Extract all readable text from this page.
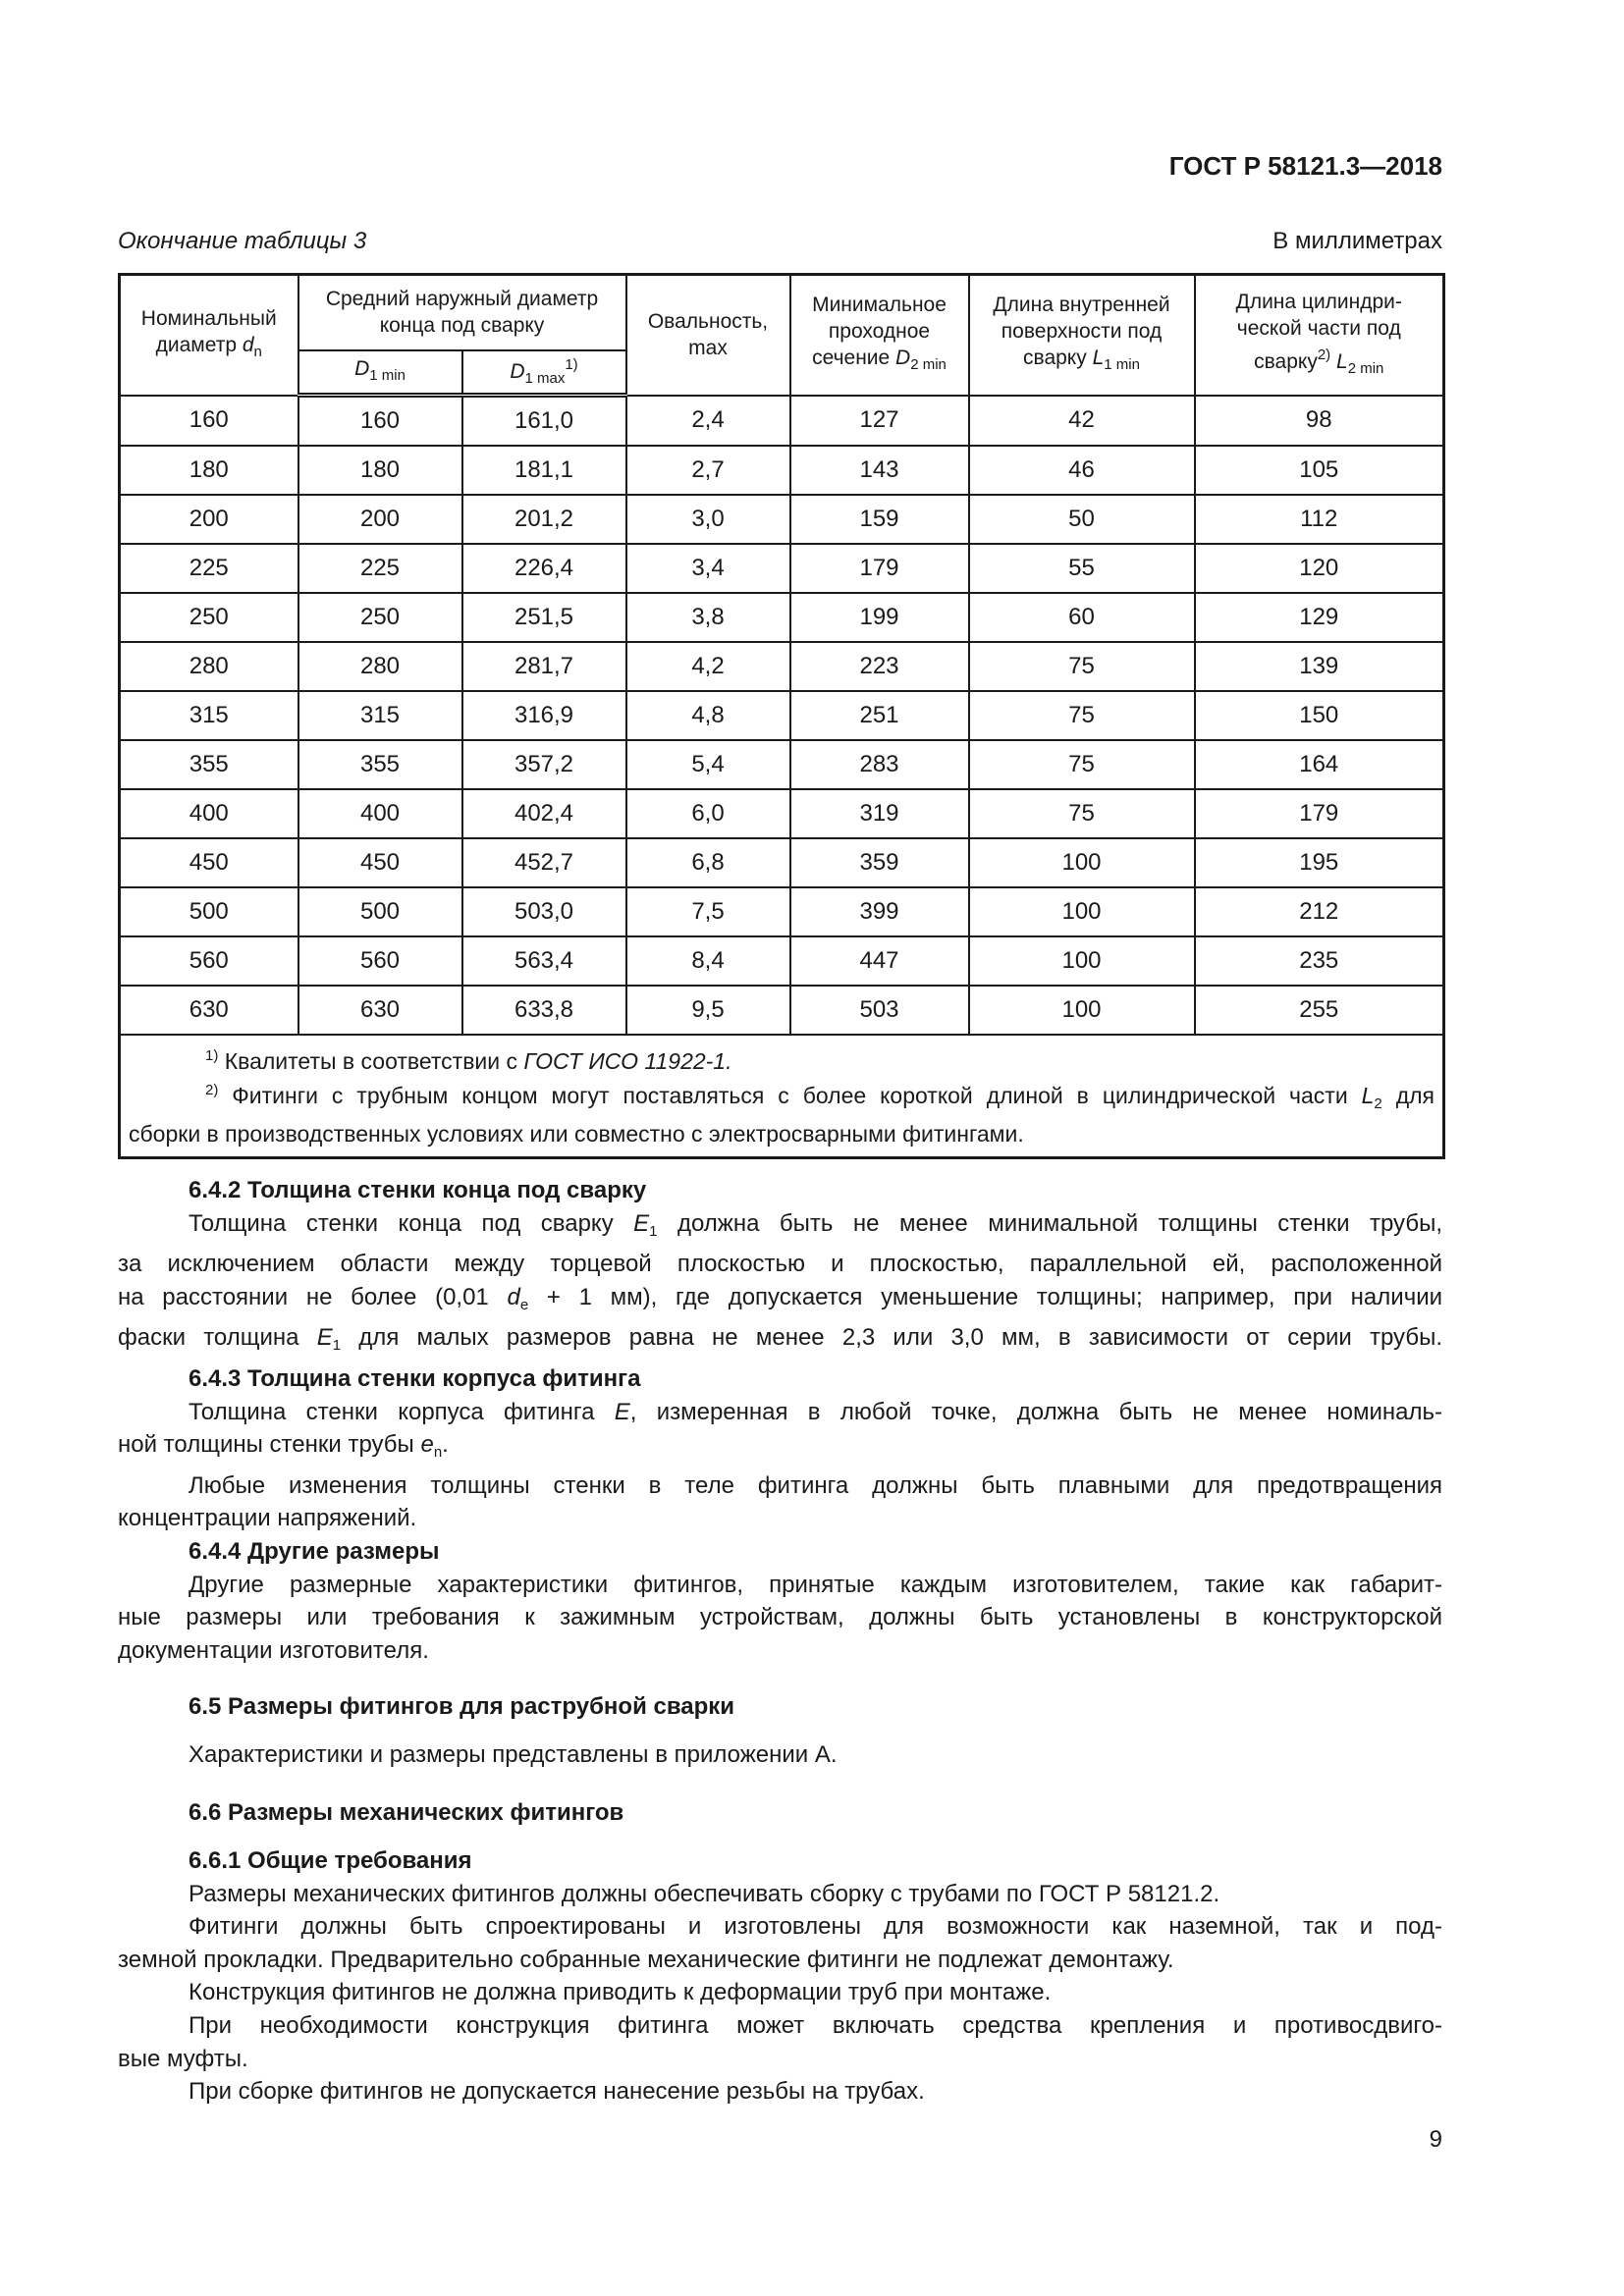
ГОСТ Р 58121.3—2018
Окончание таблицы 3	В миллиметрах
Номинальный диаметр $d_n$	Средний наружный диаметр конца под сварку		Овальность, max	Минимальное проходное сечение $D_{2 min}$	Длина внутренней поверхности под сварку $L_{1 min}$	Длина цилиндри-ческой части под сварку$^{2)}$ $L_{2 min}$
	$D_{1 min}$	$D_{1 max}^{1)}$
160	160	161,0	2,4	127	42	98
180	180	181,1	2,7	143	46	105
200	200	201,2	3,0	159	50	112
225	225	226,4	3,4	179	55	120
250	250	251,5	3,8	199	60	129
280	280	281,7	4,2	223	75	139
315	315	316,9	4,8	251	75	150
355	355	357,2	5,4	283	75	164
400	400	402,4	6,0	319	75	179
450	450	452,7	6,8	359	100	195
500	500	503,0	7,5	399	100	212
560	560	563,4	8,4	447	100	235
630	630	633,8	9,5	503	100	255

$^{1)}$ Квалитеты в соответствии с ГОСТ ИСО 11922-1.
$^{2)}$ Фитинги с трубным концом могут поставляться с более короткой длиной в цилиндрической части $L_2$ для
сборки в производственных условиях или совместно с электросварными фитингами.						
6.4.2 Толщина стенки конца под сварку
Толщина стенки конца под сварку $E_1$ должна быть не менее минимальной толщины стенки трубы,
за исключением области между торцевой плоскостью и плоскостью, параллельной ей, расположенной
на расстоянии не более (0,01 $d_e + 1$ мм), где допускается уменьшение толщины; например, при наличии
фаски толщина $E_1$ для малых размеров равна не менее 2,3 или 3,0 мм, в зависимости от серии трубы.
6.4.3 Толщина стенки корпуса фитинга
Толщина стенки корпуса фитинга E, измеренная в любой точке, должна быть не менее номиналь-
ной толщины стенки трубы $e_n$.
Любые изменения толщины стенки в теле фитинга должны быть плавными для предотвращения
концентрации напряжений.
6.4.4 Другие размеры
Другие размерные характеристики фитингов, принятые каждым изготовителем, такие как габарит-
ные размеры или требования к зажимным устройствам, должны быть установлены в конструкторской
документации изготовителя.
6.5 Размеры фитингов для раструбной сварки
Характеристики и размеры представлены в приложении А.
6.6 Размеры механических фитингов
6.6.1 Общие требования
Размеры механических фитингов должны обеспечивать сборку с трубами по ГОСТ Р 58121.2.
Фитинги должны быть спроектированы и изготовлены для возможности как наземной, так и под-
земной прокладки. Предварительно собранные механические фитинги не подлежат демонтажу.
Конструкция фитингов не должна приводить к деформации труб при монтаже.
При необходимости конструкция фитинга может включать средства крепления и противосдвиго-
вые муфты.
При сборке фитингов не допускается нанесение резьбы на трубах.
9
